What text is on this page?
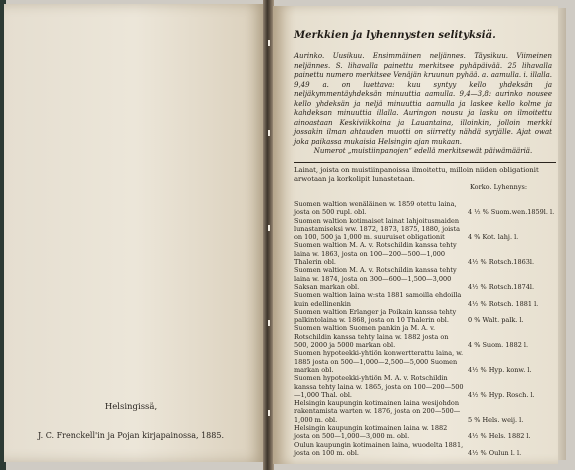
Helsingissä,
J. C. Frenckell'in ja Pojan kirjapainossa, 1885.
Merkkien ja lyhennysten selityksiä.
Aurinko. Uusikuu. Ensimmäinen neljännes. Täysikuu. Viimeinen neljännes. S. lihavalla painettu merkitsee pyhäpäivää. 25 lihavalla painettu numero merkitsee Venäjän kruunun pyhää. a. aamulla. i. illalla. 9,49 a. on luettava: kuu syntyy kello yhdeksän ja neljäkymmentäyhdeksän minuuttia aamulla. 9,4—3,8: aurinko nousee kello yhdeksän ja neljä minuuttia aamulla ja laskee kello kolme ja kahdeksan minuuttia illalla. Auringon nousu ja lasku on ilmoitettu ainoastaan Keskiviikkoina ja Lauantaina, illoinkin, jolloin merkki jossakin ilman ahtauden muotti on siirretty nähdä syrjälle. Ajat owat joka paikassa mukaisia Helsingin ajan mukaan.
Numerot „muistiinpanojen“ edellä merkitsewät päiwämääriä.
Lainat, joista on muistiinpanoissa ilmoitettu, milloin niiden obligationit arwotaan ja korkolipit lunastetaan.
Korko. Lyhennys:
Suomen waltion wenäläinen w. 1859 otettu laina, josta on 500 rupl. obl.	4 ½ % Suom.wen.1859l. l.
Suomen waltion kotimaiset lainat lahjoitusmaiden lunastamiseksi ww. 1872, 1873, 1875, 1880, joista on 100, 500 ja 1,000 m. suuruiset obligationit	4 % Kot. lahj. l.
Suomen waltion M. A. v. Rotschildin kanssa tehty laina w. 1863, josta on 100—200—500—1,000 Thalerin obl.	4½ % Rotsch.1863l.
Suomen waltion M. A. v. Rotschildin kanssa tehty laina w. 1874, josta on 300—600—1,500—3,000 Saksan markan obl.	4½ % Rotsch.1874l.
Suomen waltion laina w:sta 1881 samoilla ehdoilla kuin edellinenkin	4½ % Rotsch. 1881 l.
Suomen waltion Erlanger ja Poikain kanssa tehty palkintolaina w. 1868, josta on 10 Thalerin obl.	0 % Walt. palk. l.
Suomen waltion Suomen pankin ja M. A. v. Rotschildin kanssa tehty laina w. 1882 josta on 500, 2000 ja 5000 markan obl.	4 % Suom. 1882 l.
Suomen hypoteekki-yhtiön konwertterattu laina, w. 1885 josta on 500—1,000—2,500—5,000 Suomen markan obl.	4½ % Hyp. konw. l.
Suomen hypoteekki-yhtiön M. A. v. Rotschildin kanssa tehty laina w. 1865, josta on 100—200—500—1,000 Thal. obl.	4½ % Hyp. Rosch. l.
Helsingin kaupungin kotimainen laina wesijohdon rakentamista warten w. 1876, josta on 200—500—1,000 m. obl.	5 % Hels. weij. l.
Helsingin kaupungin kotimainen laina w. 1882 josta on 500—1,000—3,000 m. obl.	4½ % Hels. 1882 l.
Oulun kaupungin kotimainen laina, wuodelta 1881, josta on 100 m. obl.	4½ % Oulun l. l.
